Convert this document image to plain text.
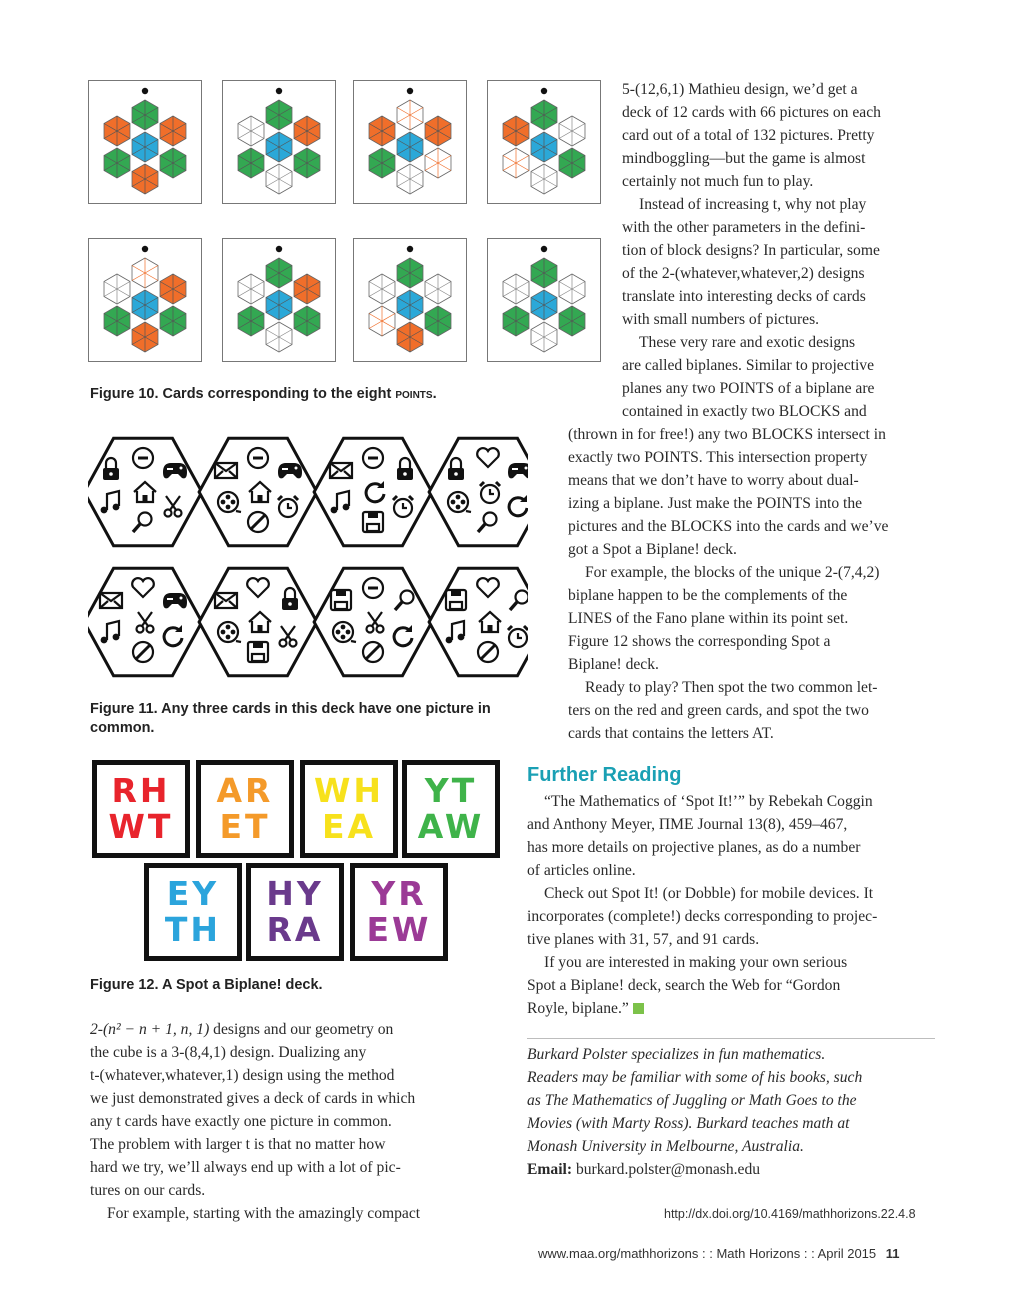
Figure 10. Cards corresponding to the eight points.
Figure 11. Any three cards in this deck have one picture in
common.
RH
WT
AR
ET
WH
EA
YT
AW
EY
TH
HY
RA
YR
EW
Figure 12. A Spot a Biplane! deck.

2-(n² − n + 1, n, 1) designs and our geometry on

the cube is a 3-(8,4,1) design. Dualizing any

t-(whatever,whatever,1) design using the method

we just demonstrated gives a deck of cards in which

any t cards have exactly one picture in common.

The problem with larger t is that no matter how

hard we try, we’ll always end up with a lot of pic-

tures on our cards.

For example, starting with the amazingly compact

5-(12,6,1) Mathieu design, we’d get a

deck of 12 cards with 66 pictures on each

card out of a total of 132 pictures. Pretty

mindboggling—but the game is almost

certainly not much fun to play.

Instead of increasing t, why not play

with the other parameters in the defini-

tion of block designs? In particular, some

of the 2-(whatever,whatever,2) designs

translate into interesting decks of cards

with small numbers of pictures.

These very rare and exotic designs

are called biplanes. Similar to projective

planes any two POINTS of a biplane are

contained in exactly two BLOCKS and

(thrown in for free!) any two BLOCKS intersect in

exactly two POINTS. This intersection property

means that we don’t have to worry about dual-

izing a biplane. Just make the POINTS into the

pictures and the BLOCKS into the cards and we’ve

got a Spot a Biplane! deck.

For example, the blocks of the unique 2-(7,4,2)

biplane happen to be the complements of the

LINES of the Fano plane within its point set.

Figure 12 shows the corresponding Spot a

Biplane! deck.

Ready to play? Then spot the two common let-

ters on the red and green cards, and spot the two

cards that contains the letters AT.

Further Reading

“The Mathematics of ‘Spot It!’” by Rebekah Coggin

and Anthony Meyer, ΠΜΕ Journal 13(8), 459–467,

has more details on projective planes, as do a number

of articles online.

Check out Spot It! (or Dobble) for mobile devices. It

incorporates (complete!) decks corresponding to projec-

tive planes with 31, 57, and 91 cards.

If you are interested in making your own serious

Spot a Biplane! deck, search the Web for “Gordon

Royle, biplane.”

Burkard Polster specializes in fun mathematics.

Readers may be familiar with some of his books, such

as The Mathematics of Juggling or Math Goes to the

Movies (with Marty Ross). Burkard teaches math at

Monash University in Melbourne, Australia.

Email: burkard.polster@monash.edu

http://dx.doi.org/10.4169/mathhorizons.22.4.8
www.maa.org/mathhorizons : : Math Horizons : : April 2015 11
